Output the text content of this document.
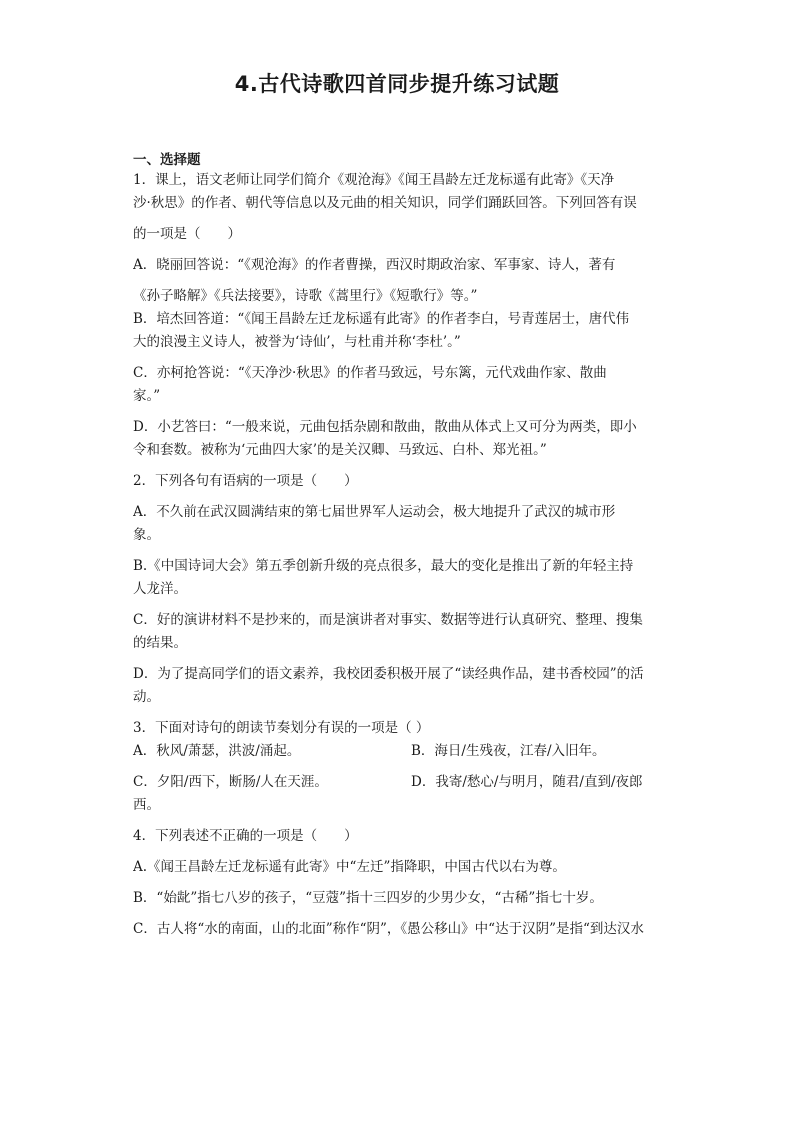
4.古代诗歌四首同步提升练习试题
一、选择题
1．课上，语文老师让同学们简介《观沧海》《闻王昌龄左迁龙标遥有此寄》《天净
沙·秋思》的作者、朝代等信息以及元曲的相关知识，同学们踊跃回答。下列回答有误
的一项是（　　）
A．晓丽回答说：“《观沧海》的作者曹操，西汉时期政治家、军事家、诗人，著有
《孙子略解》《兵法接要》，诗歌《蒿里行》《短歌行》等。”
B．培杰回答道：“《闻王昌龄左迁龙标遥有此寄》的作者李白，号青莲居士，唐代伟
大的浪漫主义诗人，被誉为‘诗仙’，与杜甫并称‘李杜’。”
C．亦柯抢答说：“《天净沙·秋思》的作者马致远，号东篱，元代戏曲作家、散曲
家。”
D．小艺答曰：“一般来说，元曲包括杂剧和散曲，散曲从体式上又可分为两类，即小
令和套数。被称为‘元曲四大家’的是关汉卿、马致远、白朴、郑光祖。”
2．下列各句有语病的一项是（　　）
A．不久前在武汉圆满结束的第七届世界军人运动会，极大地提升了武汉的城市形
象。
B.《中国诗词大会》第五季创新升级的亮点很多，最大的变化是推出了新的年轻主持
人龙洋。
C．好的演讲材料不是抄来的，而是演讲者对事实、数据等进行认真研究、整理、搜集
的结果。
D．为了提高同学们的语文素养，我校团委积极开展了“读经典作品，建书香校园”的活
动。
3．下面对诗句的朗读节奏划分有误的一项是（ ）
A．秋风/萧瑟，洪波/涌起。	B．海日/生残夜，江春/入旧年。
C．夕阳/西下，断肠/人在天涯。	D．我寄/愁心/与明月，随君/直到/夜郎
西。
4．下列表述不正确的一项是（　　）
A.《闻王昌龄左迁龙标遥有此寄》中“左迁”指降职，中国古代以右为尊。
B．“始龀”指七八岁的孩子，“豆蔻”指十三四岁的少男少女，“古稀”指七十岁。
C．古人将“水的南面，山的北面”称作“阴”，《愚公移山》中“达于汉阴”是指“到达汉水
